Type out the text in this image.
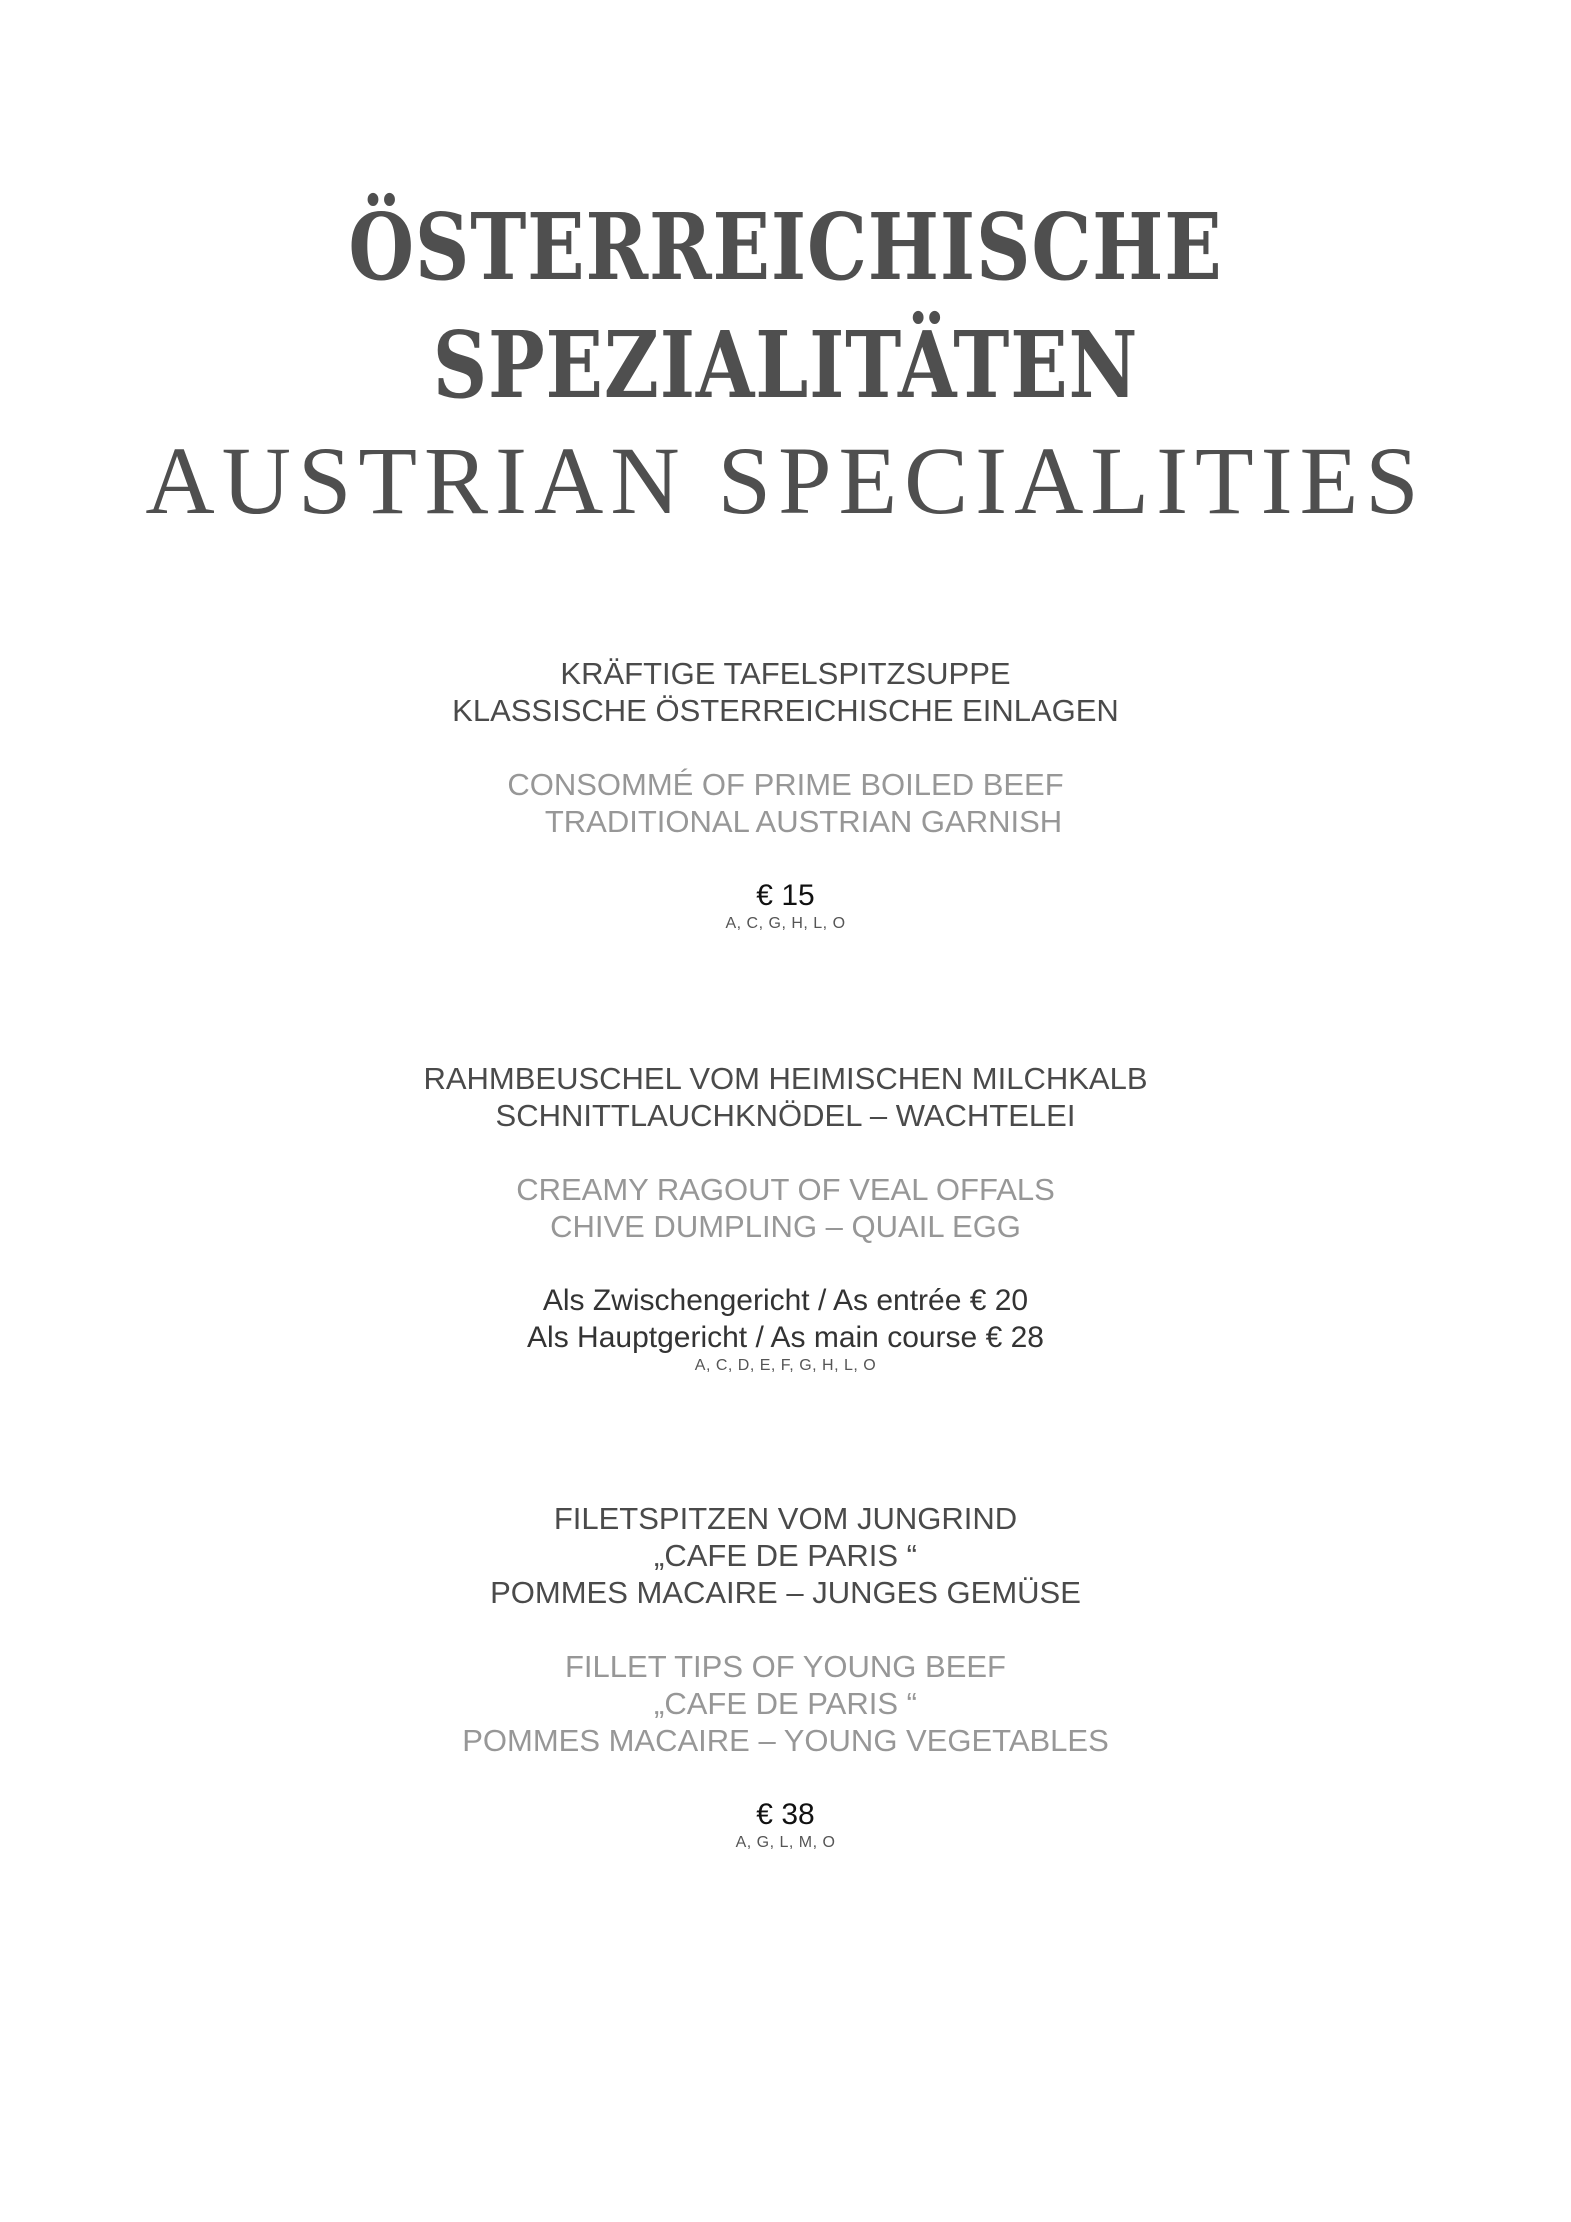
ÖSTERREICHISCHE
SPEZIALITÄTEN
AUSTRIAN SPECIALITIES
KRÄFTIGE TAFELSPITZSUPPE
KLASSISCHE ÖSTERREICHISCHE EINLAGEN
CONSOMMÉ OF PRIME BOILED BEEF
TRADITIONAL AUSTRIAN GARNISH
€ 15
A, C, G, H, L, O
RAHMBEUSCHEL VOM HEIMISCHEN MILCHKALB
SCHNITTLAUCHKNÖDEL – WACHTELEI
CREAMY RAGOUT OF VEAL OFFALS
CHIVE DUMPLING – QUAIL EGG
Als Zwischengericht / As entrée € 20
Als Hauptgericht / As main course € 28
A, C, D, E, F, G, H, L, O
FILETSPITZEN VOM JUNGRIND
„CAFE DE PARIS “
POMMES MACAIRE – JUNGES GEMÜSE
FILLET TIPS OF YOUNG BEEF
„CAFE DE PARIS “
POMMES MACAIRE – YOUNG VEGETABLES
€ 38
A, G, L, M, O
